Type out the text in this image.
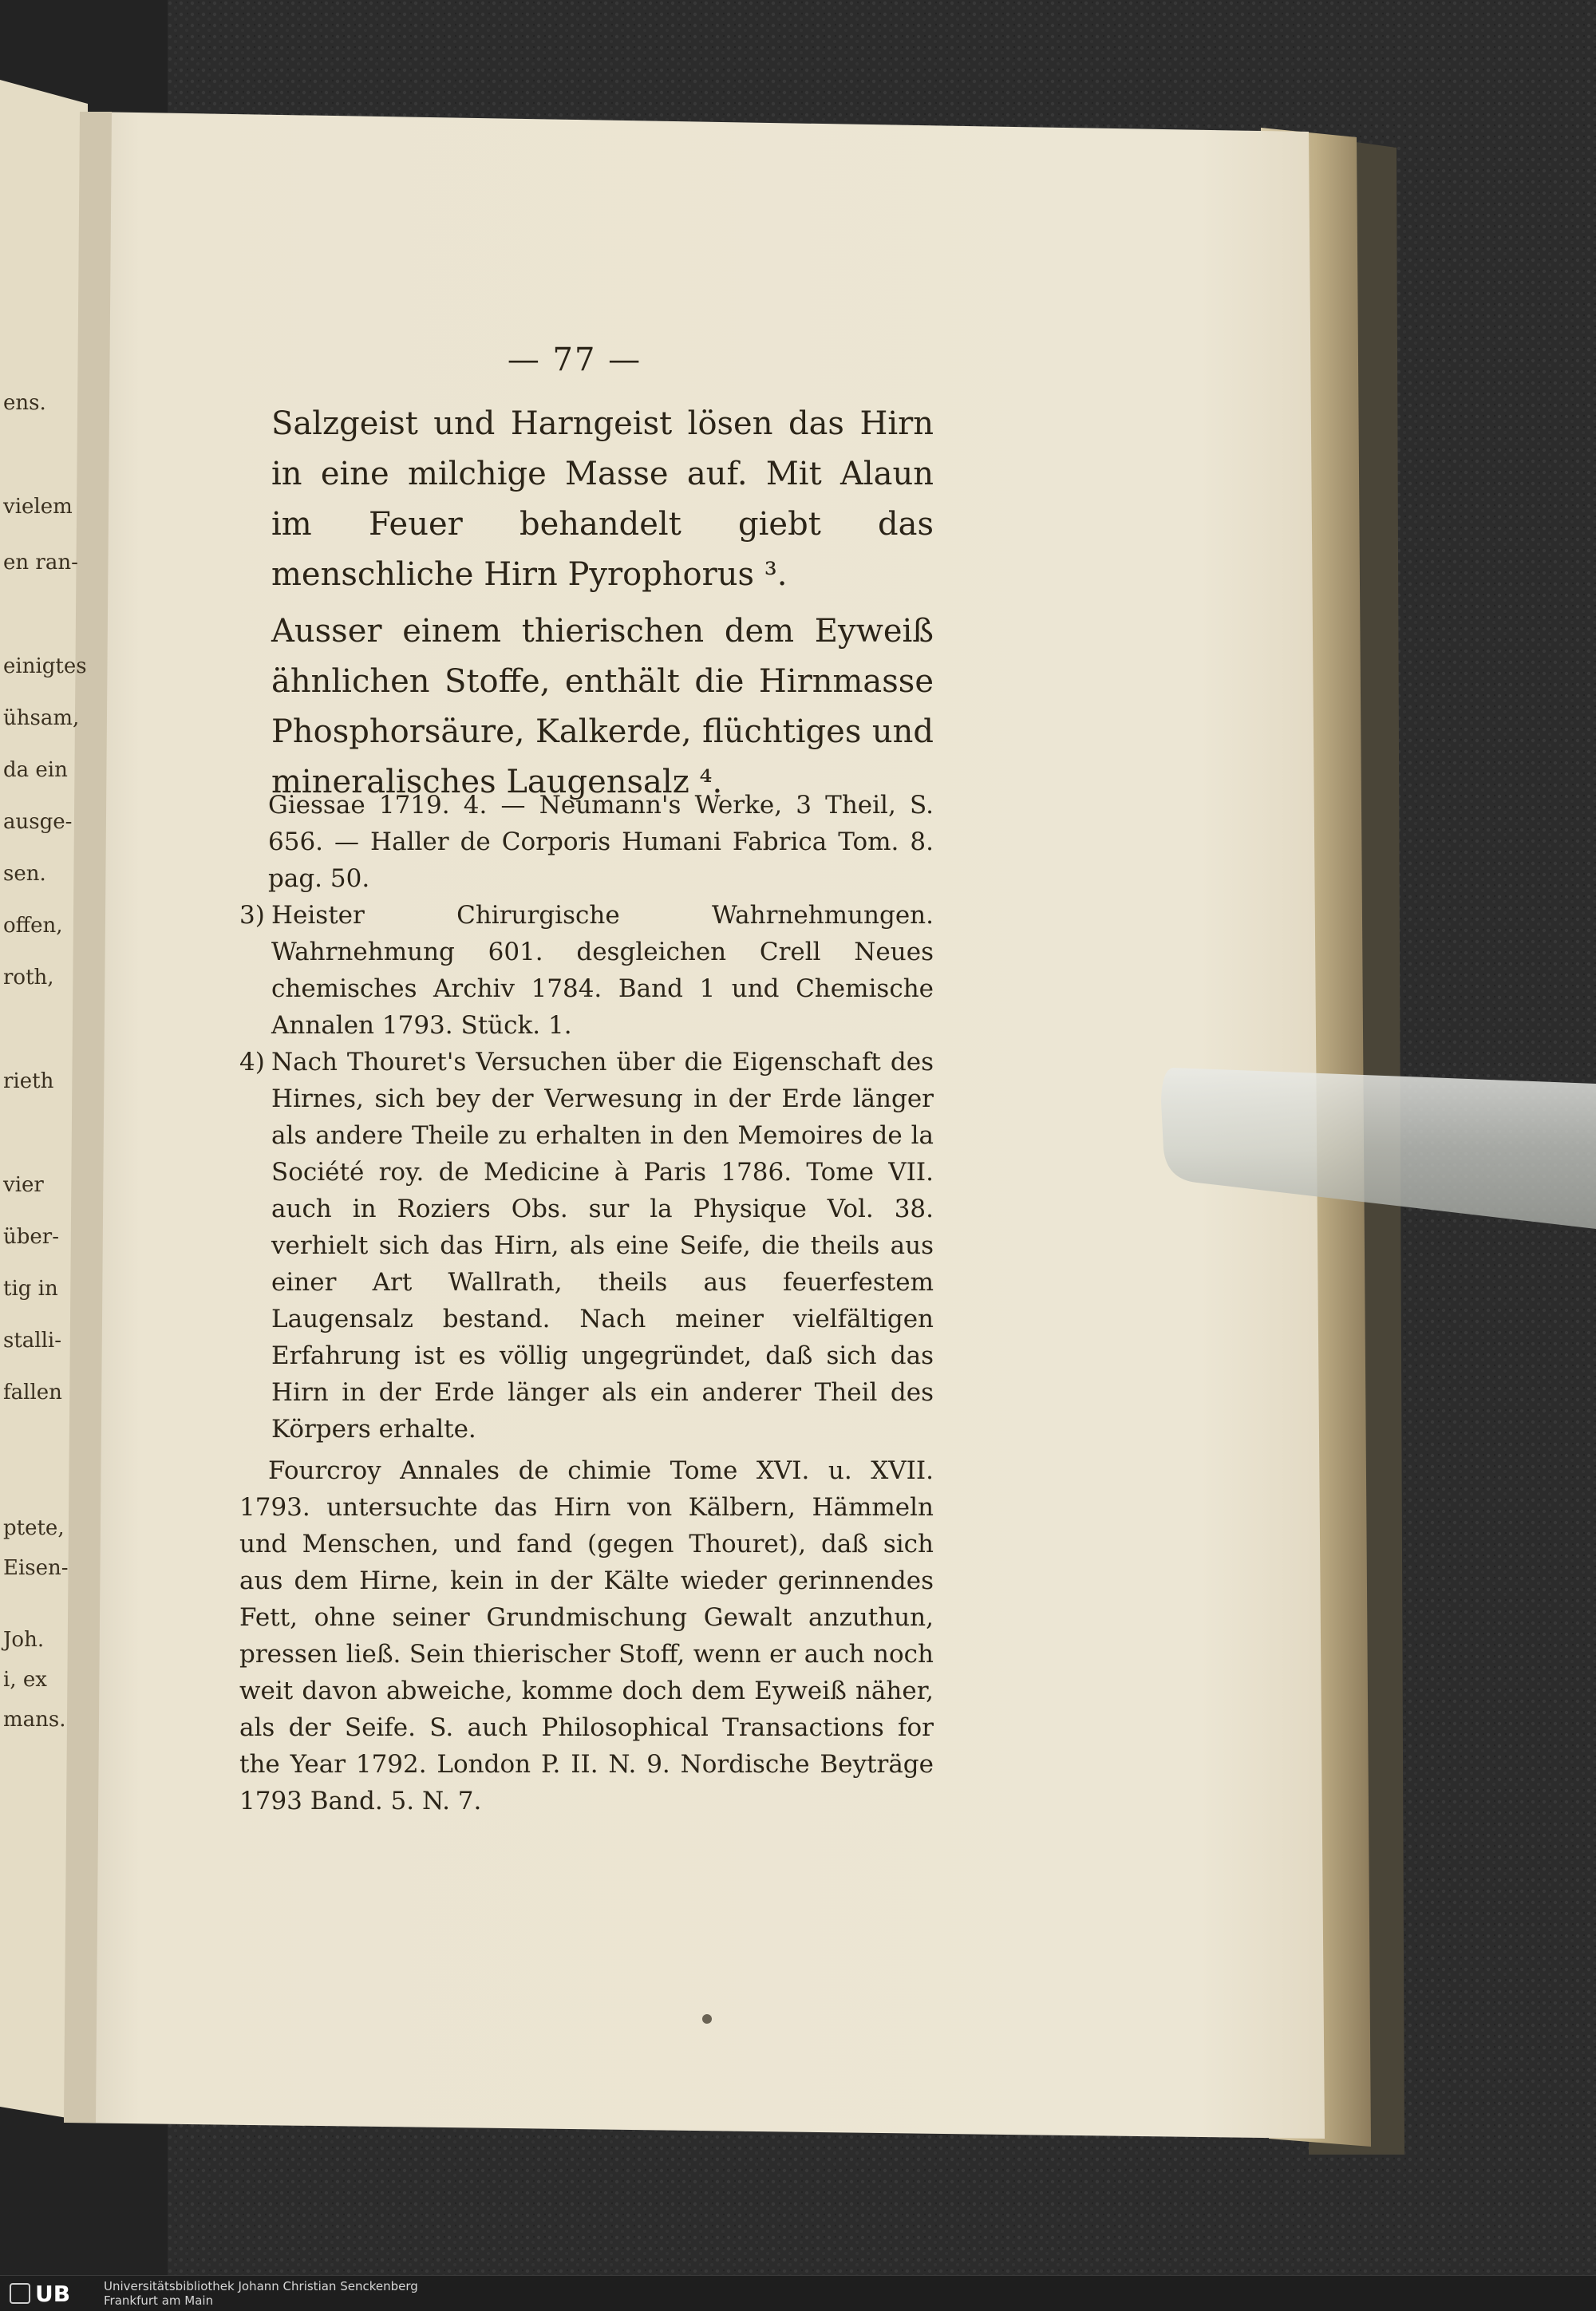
ens.
vielem
en ran-
einigtes
ühsam,
da ein
ausge-
sen.
offen,
roth,
rieth
vier
über-
tig in
stalli-
fallen
ptete,
Eisen-
Joh.
i, ex
mans.
— 77 —

Salzgeist und Harngeist lösen das Hirn in eine milchige Masse auf. Mit Alaun im Feuer behandelt giebt das menschliche Hirn Pyrophorus ³.

Ausser einem thierischen dem Eyweiß ähnlichen Stoffe, enthält die Hirnmasse Phosphorsäure, Kalkerde, flüchtiges und mineralisches Laugensalz ⁴.

Giessae 1719. 4. — Neumann's Werke, 3 Theil, S. 656. — Haller de Corporis Humani Fabrica Tom. 8. pag. 50.

3) Heister Chirurgische Wahrnehmungen. Wahrnehmung 601. desgleichen Crell Neues chemisches Archiv 1784. Band 1 und Chemische Annalen 1793. Stück. 1.

4) Nach Thouret's Versuchen über die Eigenschaft des Hirnes, sich bey der Verwesung in der Erde länger als andere Theile zu erhalten in den Memoires de la Société roy. de Medicine à Paris 1786. Tome VII. auch in Roziers Obs. sur la Physique Vol. 38. verhielt sich das Hirn, als eine Seife, die theils aus einer Art Wallrath, theils aus feuerfestem Laugensalz bestand. Nach meiner vielfältigen Erfahrung ist es völlig ungegründet, daß sich das Hirn in der Erde länger als ein anderer Theil des Körpers erhalte.

Fourcroy Annales de chimie Tome XVI. u. XVII. 1793. untersuchte das Hirn von Kälbern, Hämmeln und Menschen, und fand (gegen Thouret), daß sich aus dem Hirne, kein in der Kälte wieder gerinnendes Fett, ohne seiner Grundmischung Gewalt anzuthun, pressen ließ. Sein thierischer Stoff, wenn er auch noch weit davon abweiche, komme doch dem Eyweiß näher, als der Seife. S. auch Philosophical Transactions for the Year 1792. London P. II. N. 9. Nordische Beyträge 1793 Band. 5. N. 7.

UB	Universitätsbibliothek Johann Christian Senckenberg
Frankfurt am Main
